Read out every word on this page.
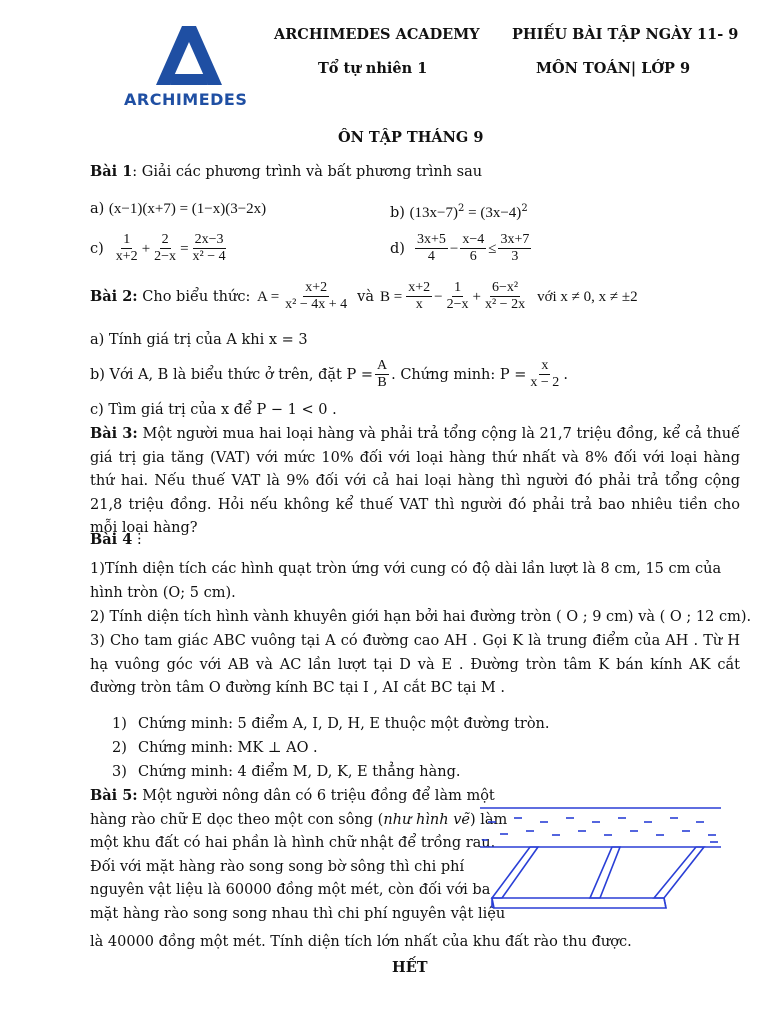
ARCHIMEDES
ARCHIMEDES ACADEMY
Tổ tự nhiên 1
PHIẾU BÀI TẬP NGÀY 11- 9
MÔN TOÁN| LỚP 9
ÔN TẬP THÁNG 9
Bài 1: Giải các phương trình và bất phương trình sau
a) (x−1)(x+7) = (1−x)(3−2x)	b) $(13x-7)^2 = (3x-4)^2$
$c) \frac{1}{x+2} + \frac{2}{2-x} = \frac{2x-3}{\text{x² − 4}}$	$d) \frac{3x+5}{4} - \frac{x-4}{6} \le \frac{3x+7}{3}$
Bài 2: Cho biểu thức: $A = \frac{x+2}{\text{x² − 4x + 4}}$ và $B = \frac{x+2}{x} - \frac{1}{2-x} + \frac{\text{6−x²}}{\text{x² − 2x}}$ với x ≠ 0, x ≠ ±2
a) Tính giá trị của A khi x = 3
b) Với A, B là biểu thức ở trên, đặt $P = \frac{A}{B}$ . Chứng minh: $P = \frac{x}{x - 2}$ .
c) Tìm giá trị của x để P − 1 < 0 .
Bài 3: Một người mua hai loại hàng và phải trả tổng cộng là 21,7 triệu đồng, kể cả thuế giá trị gia tăng (VAT) với mức 10% đối với loại hàng thứ nhất và 8% đối với loại hàng thứ hai. Nếu thuế VAT là 9% đối với cả hai loại hàng thì người đó phải trả tổng cộng 21,8 triệu đồng. Hỏi nếu không kể thuế VAT thì người đó phải trả bao nhiêu tiền cho mỗi loại hàng?
Bài 4 :
1)Tính diện tích các hình quạt tròn ứng với cung có độ dài lần lượt là 8 cm, 15 cm của hình tròn (O; 5 cm).
2) Tính diện tích hình vành khuyên giới hạn bởi hai đường tròn ( O ; 9 cm) và ( O ; 12 cm).
3) Cho tam giác ABC vuông tại A có đường cao AH . Gọi K là trung điểm của AH . Từ H hạ vuông góc với AB và AC lần lượt tại D và E . Đường tròn tâm K bán kính AK cắt đường tròn tâm O đường kính BC tại I , AI cắt BC tại M .
1) Chứng minh: 5 điểm A, I, D, H, E thuộc một đường tròn.
2) Chứng minh: MK ⊥ AO .
3) Chứng minh: 4 điểm M, D, K, E thẳng hàng.
Bài 5: Một người nông dân có 6 triệu đồng để làm một
hàng rào chữ E dọc theo một con sông (như hình vẽ) làm
một khu đất có hai phần là hình chữ nhật để trồng rau.
Đối với mặt hàng rào song song bờ sông thì chi phí
nguyên vật liệu là 60000 đồng một mét, còn đối với ba
mặt hàng rào song song nhau thì chi phí nguyên vật liệu
là 40000 đồng một mét. Tính diện tích lớn nhất của khu đất rào thu được.
HẾT
